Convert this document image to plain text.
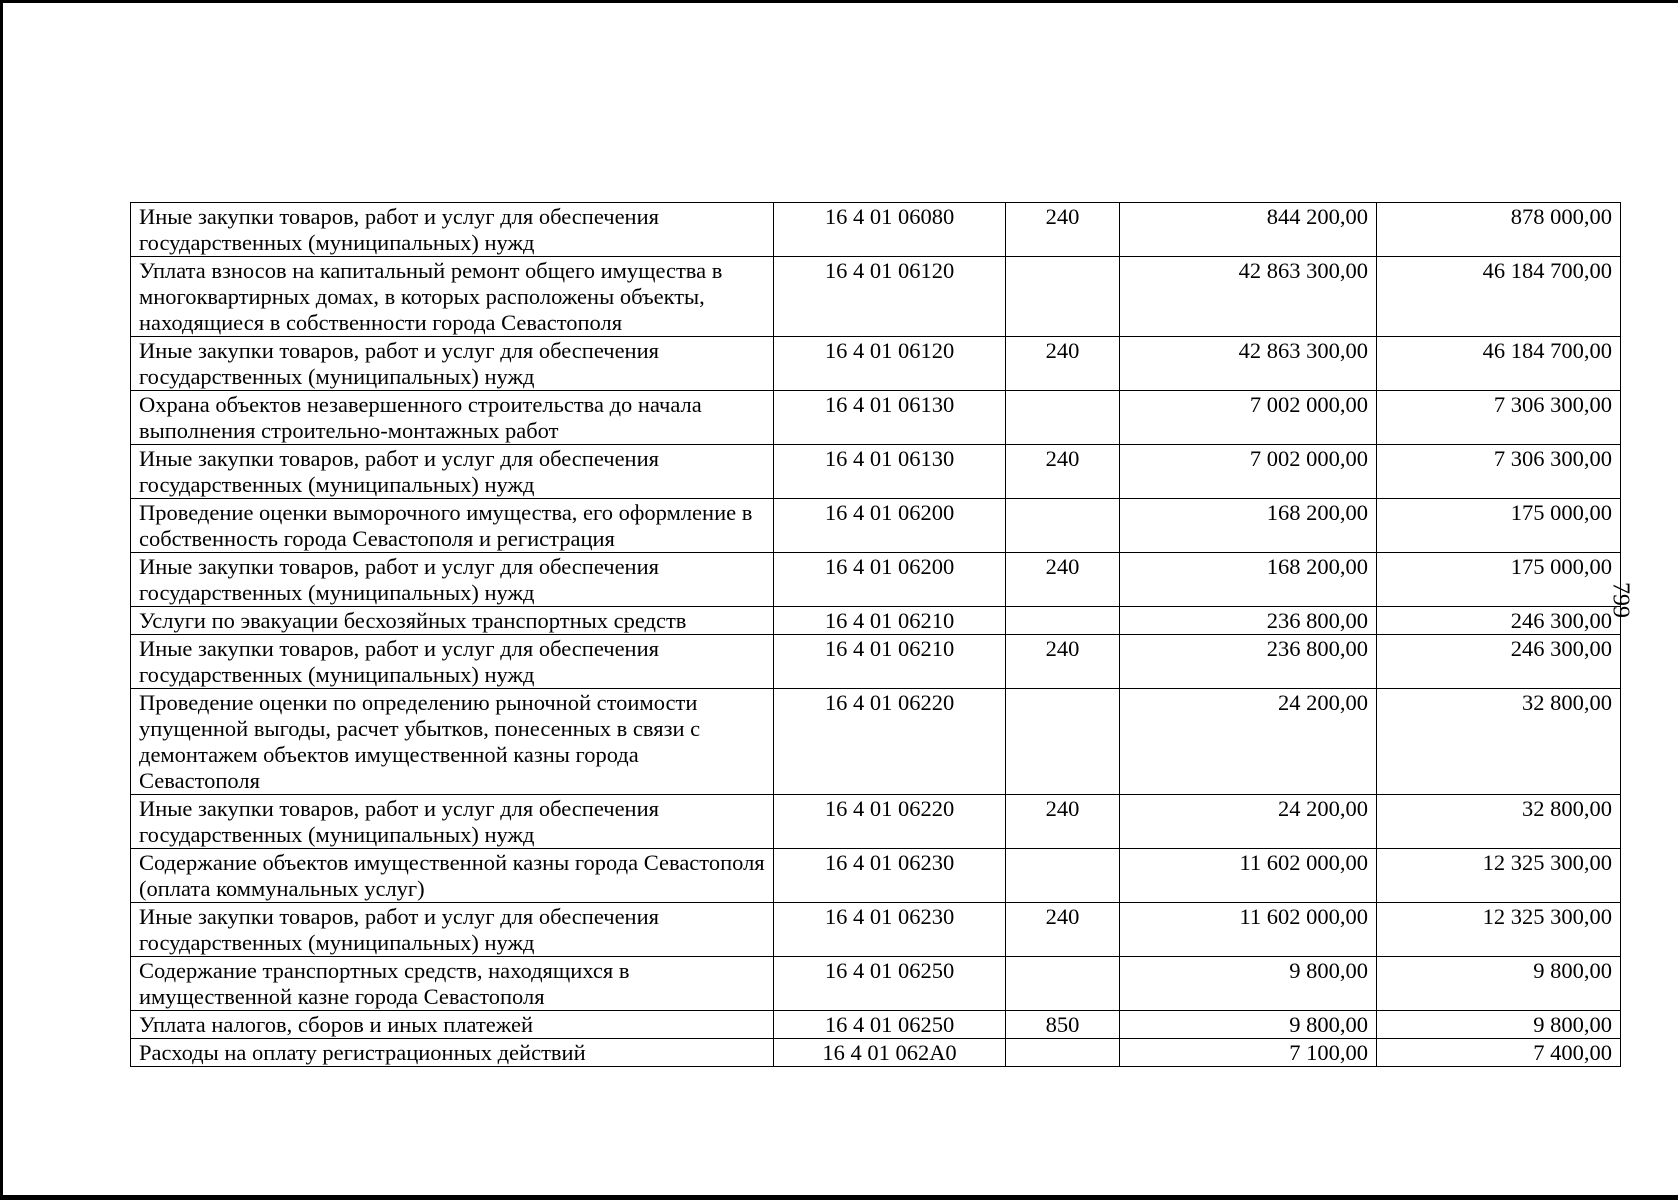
799
Иные закупки товаров, работ и услуг для обеспечения государственных (муниципальных) нужд	16 4 01 06080	240	844 200,00	878 000,00
Уплата взносов на капитальный ремонт общего имущества в многоквартирных домах, в которых расположены объекты, находящиеся в собственности города Севастополя	16 4 01 06120		42 863 300,00	46 184 700,00
Иные закупки товаров, работ и услуг для обеспечения государственных (муниципальных) нужд	16 4 01 06120	240	42 863 300,00	46 184 700,00
Охрана объектов незавершенного строительства до начала выполнения строительно-монтажных работ	16 4 01 06130		7 002 000,00	7 306 300,00
Иные закупки товаров, работ и услуг для обеспечения государственных (муниципальных) нужд	16 4 01 06130	240	7 002 000,00	7 306 300,00
Проведение оценки выморочного имущества, его оформление в собственность города Севастополя и регистрация	16 4 01 06200		168 200,00	175 000,00
Иные закупки товаров, работ и услуг для обеспечения государственных (муниципальных) нужд	16 4 01 06200	240	168 200,00	175 000,00
Услуги по эвакуации бесхозяйных транспортных средств	16 4 01 06210		236 800,00	246 300,00
Иные закупки товаров, работ и услуг для обеспечения государственных (муниципальных) нужд	16 4 01 06210	240	236 800,00	246 300,00
Проведение оценки по определению рыночной стоимости упущенной выгоды, расчет убытков, понесенных в связи с демонтажем объектов имущественной казны города Севастополя	16 4 01 06220		24 200,00	32 800,00
Иные закупки товаров, работ и услуг для обеспечения государственных (муниципальных) нужд	16 4 01 06220	240	24 200,00	32 800,00
Содержание объектов имущественной казны города Севастополя (оплата коммунальных услуг)	16 4 01 06230		11 602 000,00	12 325 300,00
Иные закупки товаров, работ и услуг для обеспечения государственных (муниципальных) нужд	16 4 01 06230	240	11 602 000,00	12 325 300,00
Содержание транспортных средств, находящихся в имущественной казне города Севастополя	16 4 01 06250		9 800,00	9 800,00
Уплата налогов, сборов и иных платежей	16 4 01 06250	850	9 800,00	9 800,00
Расходы на оплату регистрационных действий	16 4 01 062A0		7 100,00	7 400,00
